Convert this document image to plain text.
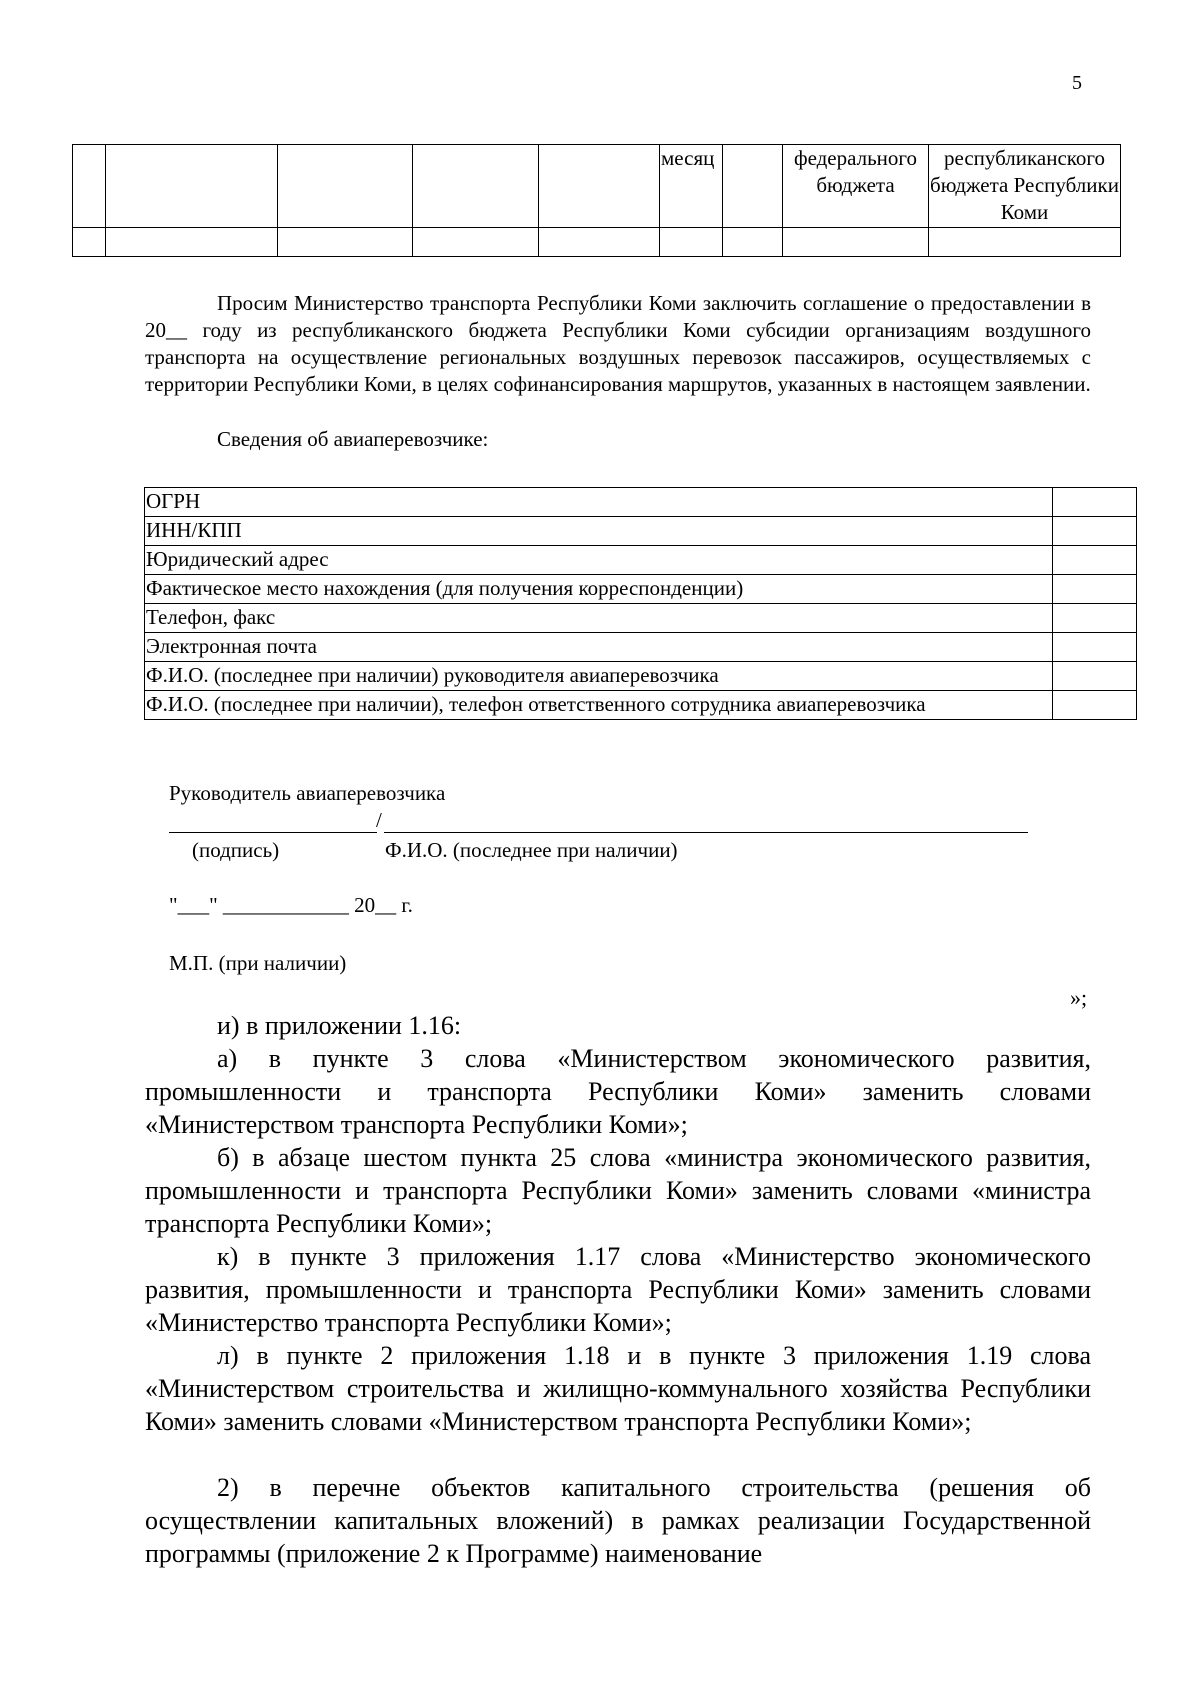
5
					месяц		федерального бюджета	республиканского бюджета Республики Коми

Просим Министерство транспорта Республики Коми заключить соглашение о предоставлении в 20__ году из республиканского бюджета Республики Коми субсидии организациям воздушного транспорта на осуществление региональных воздушных перевозок пассажиров, осуществляемых с территории Республики Коми, в целях софинансирования маршрутов, указанных в настоящем заявлении.
Сведения об авиаперевозчике:
ОГРН	
ИНН/КПП	
Юридический адрес	
Фактическое место нахождения (для получения корреспонденции)	
Телефон, факс	
Электронная почта	
Ф.И.О. (последнее при наличии) руководителя авиаперевозчика	
Ф.И.О. (последнее при наличии), телефон ответственного сотрудника авиаперевозчика	
Руководитель авиаперевозчика
/
(подпись)	Ф.И.О. (последнее при наличии)
"___" ____________ 20__ г.
М.П. (при наличии)
»;
и) в приложении 1.16:
а) в пункте 3 слова «Министерством экономического развития, промышленности и транспорта Республики Коми» заменить словами «Министерством транспорта Республики Коми»;
б) в абзаце шестом пункта 25 слова «министра экономического развития, промышленности и транспорта Республики Коми» заменить словами «министра транспорта Республики Коми»;
к) в пункте 3 приложения 1.17 слова «Министерство экономического развития, промышленности и транспорта Республики Коми» заменить словами «Министерство транспорта Республики Коми»;
л) в пункте 2 приложения 1.18 и в пункте 3 приложения 1.19 слова «Министерством строительства и жилищно-коммунального хозяйства Республики Коми» заменить словами «Министерством транспорта Республики Коми»;
2) в перечне объектов капитального строительства (решения об осуществлении капитальных вложений) в рамках реализации Государственной программы (приложение 2 к Программе) наименование
